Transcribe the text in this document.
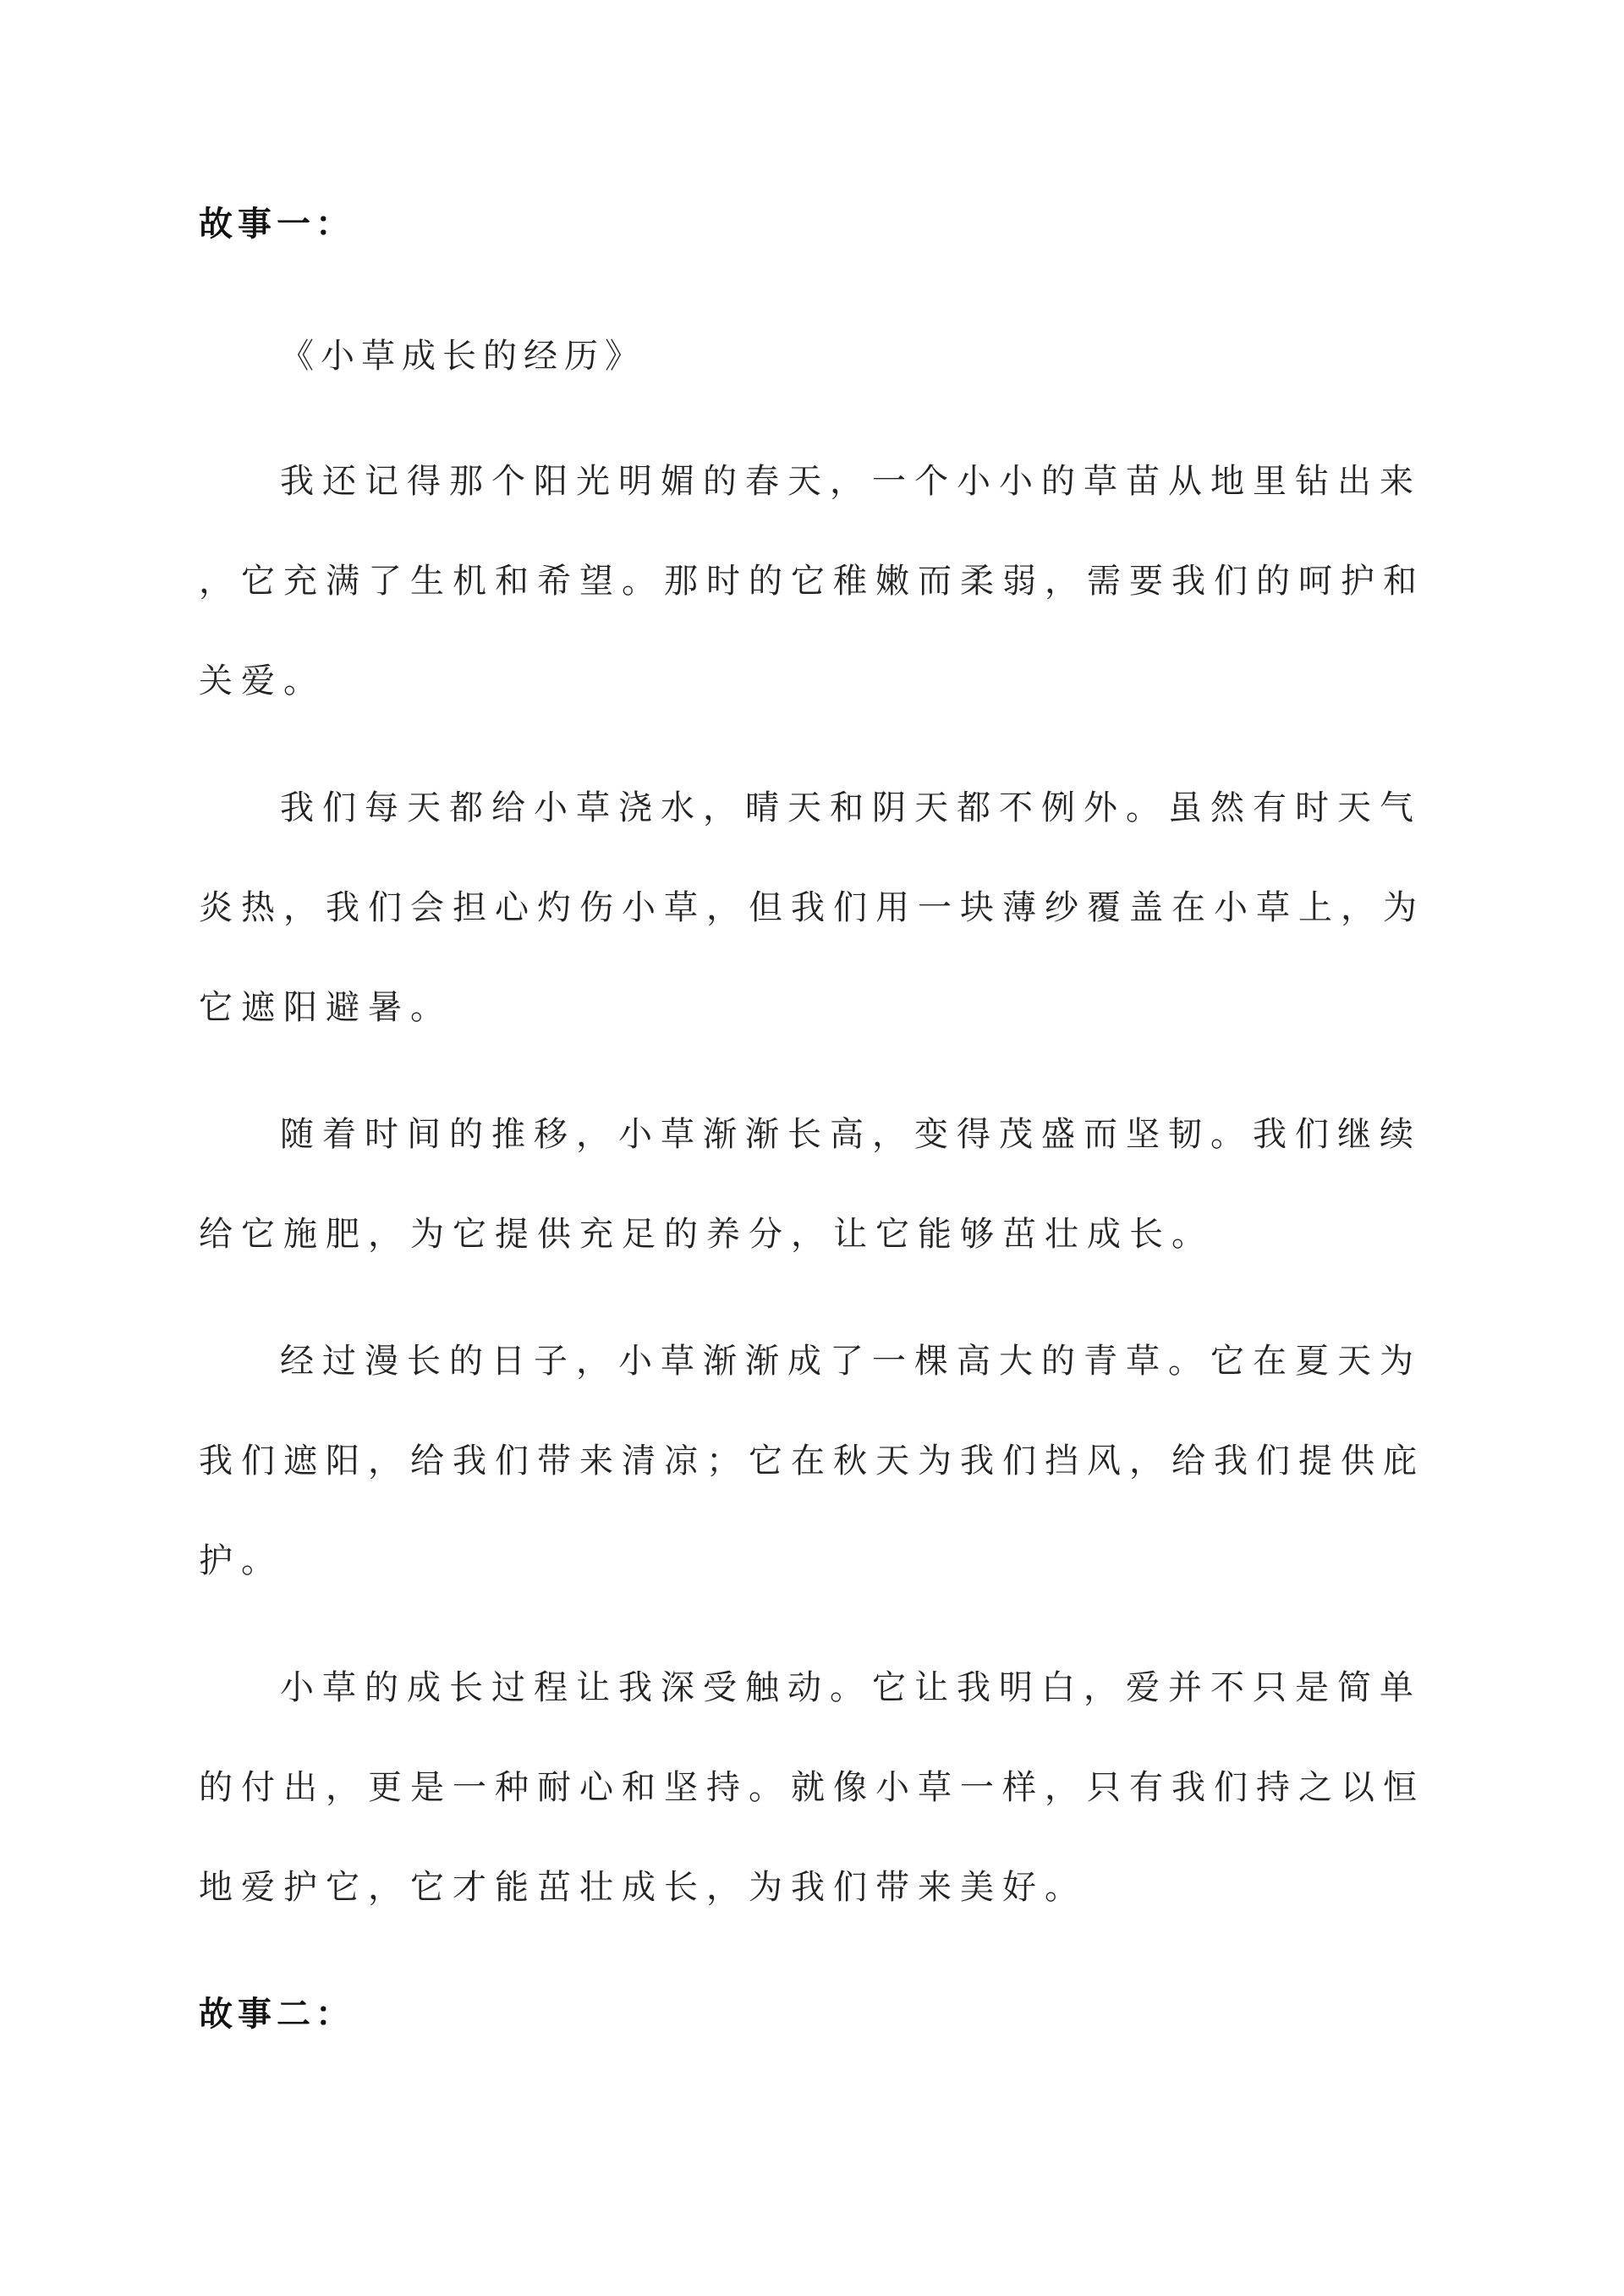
故事一：

《小草成长的经历》

我还记得那个阳光明媚的春天，一个小小的草苗从地里钻出来
，它充满了生机和希望。那时的它稚嫩而柔弱，需要我们的呵护和
关爱。
我们每天都给小草浇水，晴天和阴天都不例外。虽然有时天气
炎热，我们会担心灼伤小草，但我们用一块薄纱覆盖在小草上，为
它遮阳避暑。
随着时间的推移，小草渐渐长高，变得茂盛而坚韧。我们继续
给它施肥，为它提供充足的养分，让它能够茁壮成长。
经过漫长的日子，小草渐渐成了一棵高大的青草。它在夏天为
我们遮阳，给我们带来清凉；它在秋天为我们挡风，给我们提供庇
护。
小草的成长过程让我深受触动。它让我明白，爱并不只是简单
的付出，更是一种耐心和坚持。就像小草一样，只有我们持之以恒
地爱护它，它才能茁壮成长，为我们带来美好。
故事二：
